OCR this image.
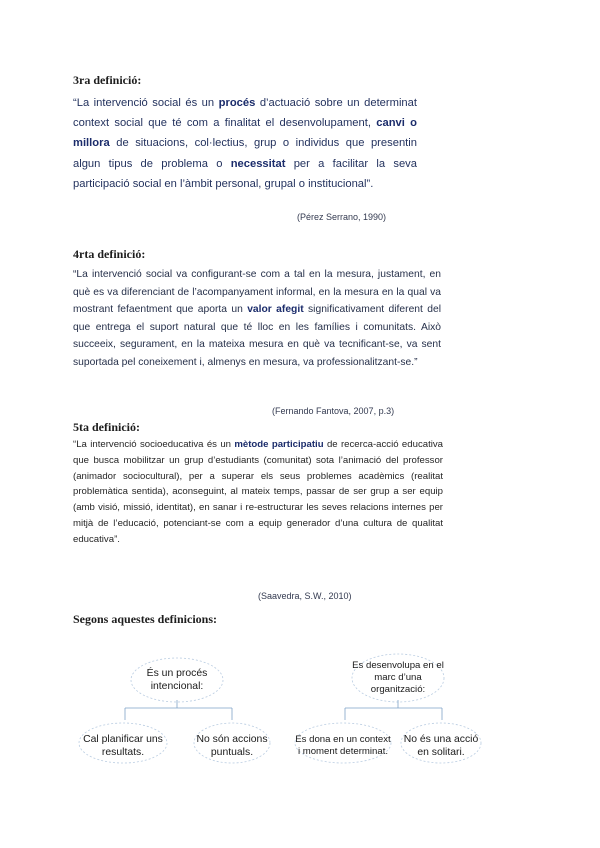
3ra definició:

“La intervenció social és un procés d’actuació sobre un determinat context social que té com a finalitat el desenvolupament, canvi o millora de situacions, col·lectius, grup o individus que presentin algun tipus de problema o necessitat per a facilitar la seva participació social en l’àmbit personal, grupal o institucional”.

(Pérez Serrano, 1990)

4rta definició:

“La intervenció social va configurant-se com a tal en la mesura, justament, en què es va diferenciant de l’acompanyament informal, en la mesura en la qual va mostrant fefaentment que aporta un valor afegit significativament diferent del que entrega el suport natural que té lloc en les famílies i comunitats. Això succeeix, segurament, en la mateixa mesura en què va tecnificant-se, va sent suportada pel coneixement i, almenys en mesura, va professionalitzant-se.”

(Fernando Fantova, 2007, p.3)

5ta definició:

“La intervenció socioeducativa és un mètode participatiu de recerca-acció educativa que busca mobilitzar un grup d’estudiants (comunitat) sota l’animació del professor (animador sociocultural), per a superar els seus problemes acadèmics (realitat problemàtica sentida), aconseguint, al mateix temps, passar de ser grup a ser equip (amb visió, missió, identitat), en sanar i re-estructurar les seves relacions internes per mitjà de l’educació, potenciant-se com a equip generador d’una cultura de qualitat educativa”.

(Saavedra, S.W., 2010)

Segons aquestes definicions:
És un procés intencional:
Cal planificar uns resultats.
No són accions puntuals.
Es desenvolupa en el marc d’una organització:
Es dona en un context i moment determinat.
No és una acció en solitari.
